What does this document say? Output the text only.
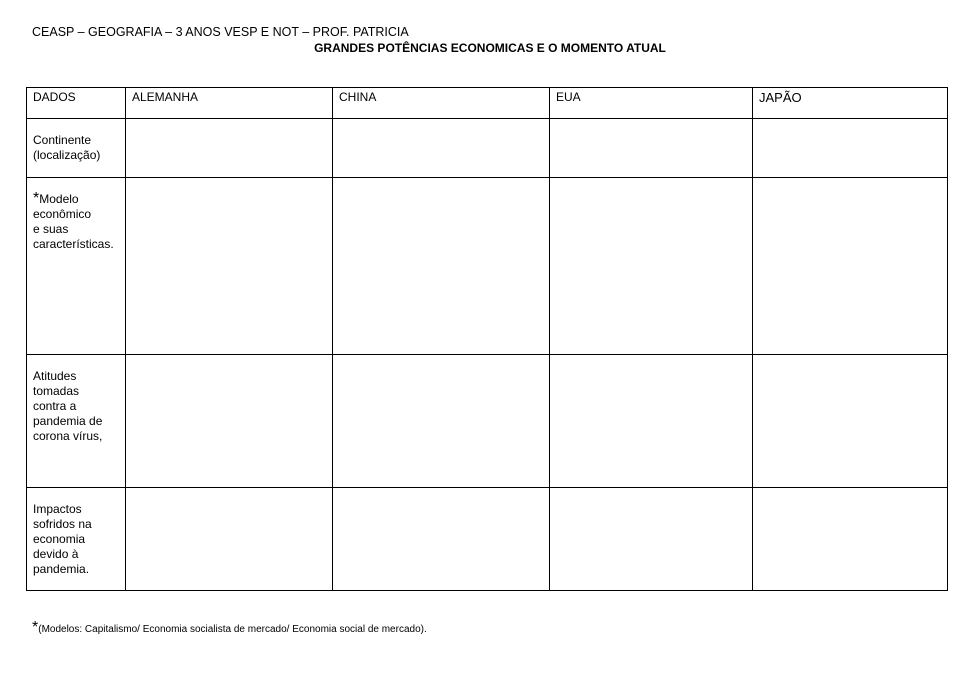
CEASP – GEOGRAFIA – 3 ANOS VESP E NOT – PROF. PATRICIA
GRANDES POTÊNCIAS ECONOMICAS E O MOMENTO ATUAL
DADOS	ALEMANHA	CHINA	EUA	JAPÃO

Continente
(localização)				

*Modelo
econômico
e suas
características.				

Atitudes
tomadas
contra a
pandemia de
corona vírus,				

Impactos
sofridos na
economia
devido à
pandemia.				

*(Modelos: Capitalismo/ Economia socialista de mercado/ Economia social de mercado).
